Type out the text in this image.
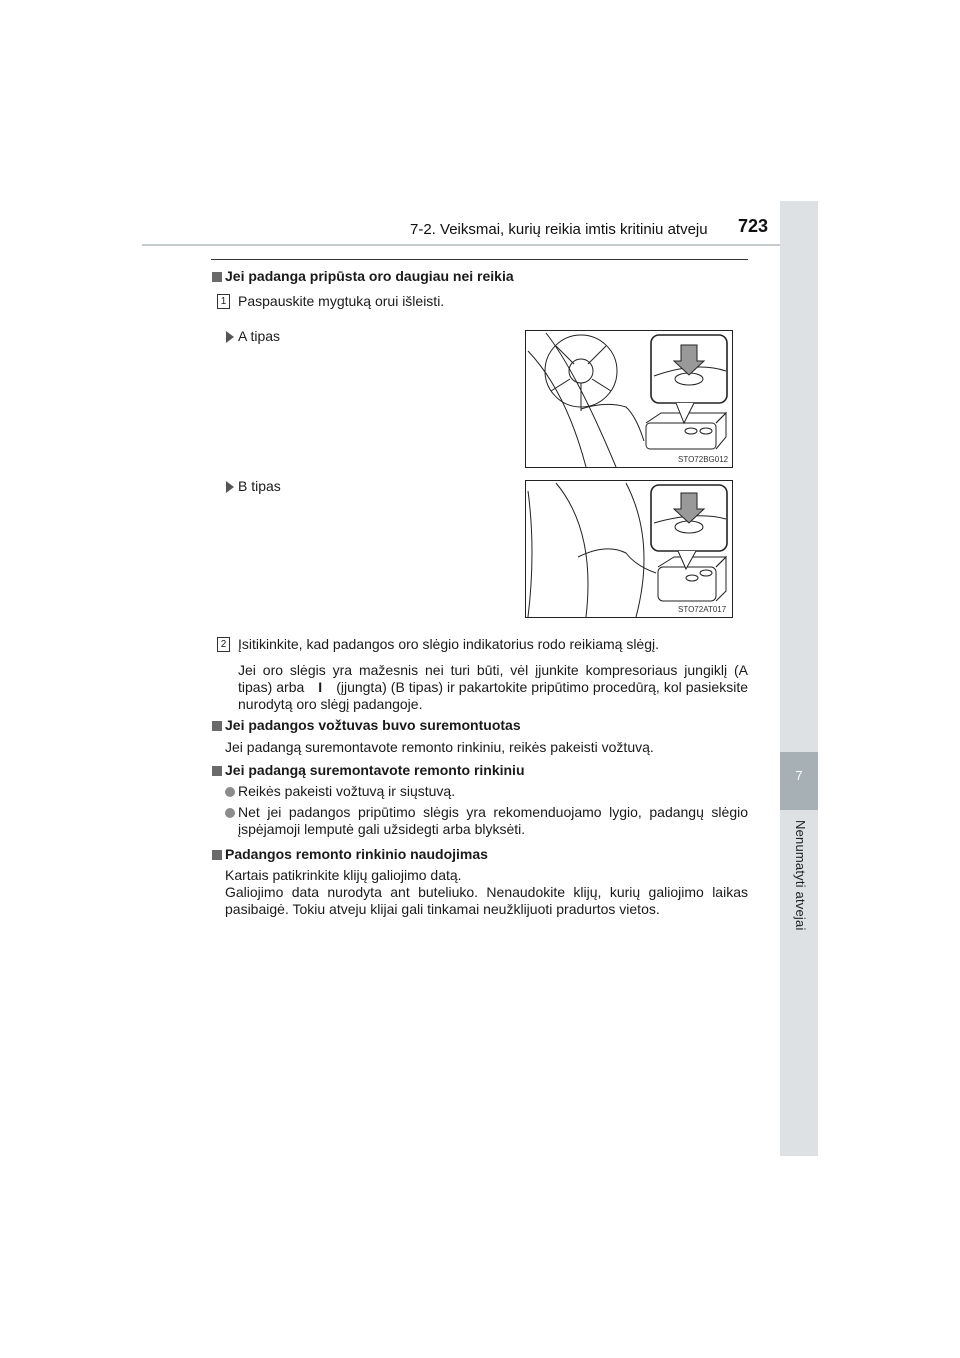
7
Nenumatyti atvejai
7-2. Veiksmai, kurių reikia imtis kritiniu atveju 723
Jei padanga pripūsta oro daugiau nei reikia
1 Paspauskite mygtuką orui išleisti.
A tipas
STO72BG012
B tipas
STO72AT017
2 Įsitikinkite, kad padangos oro slėgio indikatorius rodo reikiamą slėgį.
Jei oro slėgis yra mažesnis nei turi būti, vėl įjunkite kompresoriaus jungiklį (A tipas) arba I (įjungta) (B tipas) ir pakartokite pripūtimo procedūrą, kol pasieksite nurodytą oro slėgį padangoje.
Jei padangos vožtuvas buvo suremontuotas
Jei padangą suremontavote remonto rinkiniu, reikės pakeisti vožtuvą.
Jei padangą suremontavote remonto rinkiniu
Reikės pakeisti vožtuvą ir siųstuvą.
Net jei padangos pripūtimo slėgis yra rekomenduojamo lygio, padangų slėgio įspėjamoji lemputė gali užsidegti arba blyksėti.
Padangos remonto rinkinio naudojimas
Kartais patikrinkite klijų galiojimo datą.
Galiojimo data nurodyta ant buteliuko. Nenaudokite klijų, kurių galiojimo laikas pasibaigė. Tokiu atveju klijai gali tinkamai neužklijuoti pradurtos vietos.
